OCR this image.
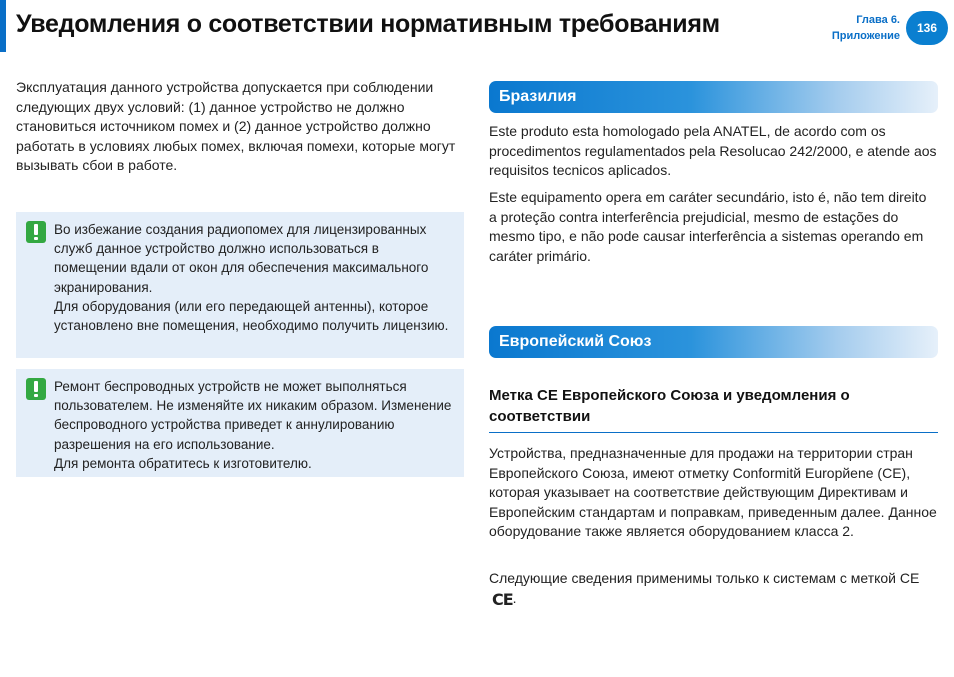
Уведомления о соответствии нормативным требованиям	Глава 6.
Приложение
136

Эксплуатация данного устройства допускается при соблюдении следующих двух условий: (1) данное устройство не должно становиться источником помех и (2) данное устройство должно работать в условиях любых помех, включая помехи, которые могут вызывать сбои в работе.

Во избежание создания радиопомех для лицензированных служб данное устройство должно использоваться в помещении вдали от окон для обеспечения максимального экранирования.

Для оборудования (или его передающей антенны), которое установлено вне помещения, необходимо получить лицензию.

Ремонт беспроводных устройств не может выполняться пользователем. Не изменяйте их никаким образом. Изменение беспроводного устройства приведет к аннулированию разрешения на его использование.

Для ремонта обратитесь к изготовителю.

Бразилия

Este produto esta homologado pela ANATEL, de acordo com os procedimentos regulamentados pela Resolucao 242/2000, e atende aos requisitos tecnicos aplicados.

Este equipamento opera em caráter secundário, isto é, não tem direito a proteção contra interferência prejudicial, mesmo de estações do mesmo tipo, e não pode causar interferência a sistemas operando em caráter primário.

Европейский Союз
Метка CE Европейского Союза и уведомления о соответствии

Устройства, предназначенные для продажи на территории стран Европейского Союза, имеют отметку Conformitй Europйene (CE), которая указывает на соответствие действующим Директивам и Европейским стандартам и поправкам, приведенным далее. Данное оборудование также является оборудованием класса 2.

Следующие сведения применимы только к системам с меткой CE CE.
